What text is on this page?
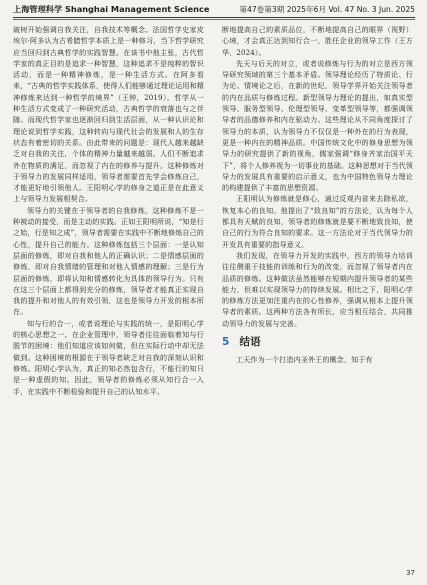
上海管理科学 Shanghai Management Science	第47卷第3期 2025年6月 Vol. 47 No. 3 Jun. 2025

破树开始强调自我关注，自我技术等概念。法国哲学史家皮埃尔·阿多认为古希腊哲学本质上是一种修习，当下哲学研究应当回归到古典哲学的实践智慧。在该书中他主张，古代哲学家的真正目的是追求一种智慧，这种追求不是纯粹的智识活动，而是一种精神修炼，是一种生活方式。在阿多看来，“古典的哲学实践体系，使得人们能够通过理论运用和精神修炼来达到一种哲学的境界”（王钟，2019）。哲学从一种生活方式变成了一种研究活动，古典哲学的衰落也与之伴随。而现代哲学家也逐渐回归到生活层面，从一种认识论和理论说到哲学实践，这种转向与现代社会的发展和人的生存状态有着密切的关系。由此带来的问题是：现代人越来越缺乏对自我的关注，个体的精神力量越来越弱。人们不断追求外在物质的满足，而忽视了内在的修养与提升。这种修炼对于领导力的发展同样适用，领导者需要首先学会修炼自己，才能更好地引领他人。王阳明心学的修身之道正是在此意义上与领导力发展相契合。

领导力的关键在于领导者的自我修炼，这种修炼不是一种被动的接受，而是主动的实践。正如王阳明所说，“知是行之始，行是知之成”，领导者需要在实践中不断地修炼自己的心性，提升自己的能力。这种修炼包括三个层面：一是认知层面的修炼，即对自我和他人的正确认识；二是情感层面的修炼，即对自我情绪的管理和对他人情感的理解；三是行为层面的修炼，即将认知和情感转化为具体的领导行为。只有在这三个层面上都得到充分的修炼，领导者才能真正实现自我的提升和对他人的有效引领，这也是领导力开发的根本所在。

知与行的合一，或者说理论与实践的统一，是阳明心学的核心思想之一。在企业管理中，领导者往往面临着知与行脱节的困境：他们知道应该如何做，但在实际行动中却无法做到。这种困境的根源在于领导者缺乏对自我的深刻认识和修炼。阳明心学认为，真正的知必然包含行，不能行的知只是一种虚假的知。因此，领导者的修炼必须从知行合一入手，在实践中不断检验和提升自己的认知水平。

断地提高自己的素质品位，不断地提高自己的眼界（视野）心境，才会真正达到知行合一，胜任企业的领导工作（王方华，2024）。

先天与后天的对立，或者说修炼与行为的对立是西方领导研究领域的第三个基本矛盾。领导理论经历了特质论、行为论、情境论之后，在新的世纪，领导学界开始关注领导者的内在品质与修炼过程。新型领导力理论的提出，如真实型领导、服务型领导、伦理型领导、变革型领导等，都强调领导者的品德修养和内在驱动力。这些理论从不同角度探讨了领导力的本质，认为领导力不仅仅是一种外在的行为表现，更是一种内在的精神品质。中国传统文化中的修身思想为领导力的研究提供了新的视角，儒家强调“修身齐家治国平天下”，将个人修养视为一切事业的基础。这种思想对于当代领导力的发展具有重要的启示意义，也为中国特色领导力理论的构建提供了丰富的思想资源。

王阳明认为修炼就是修心，通过反观内省来去除私欲，恢复本心的良知。他提出了“致良知”的方法论，认为每个人都具有天赋的良知，领导者的修炼就是要不断地致良知，使自己的行为符合良知的要求。这一方法论对于当代领导力的开发具有重要的指导意义。

我们发现，在领导力开发的实践中，西方的领导力培训往往侧重于技能的训练和行为的改变，而忽视了领导者内在品质的修炼。这种做法虽然能够在短期内提升领导者的某些能力，但难以实现领导力的持续发展。相比之下，阳明心学的修炼方法更加注重内在的心性修养，强调从根本上提升领导者的素质。这两种方法各有所长，应当相互结合，共同推动领导力的发展与完善。

5 结语

工天作为一个打造内圣外王的概念，知于有

37
